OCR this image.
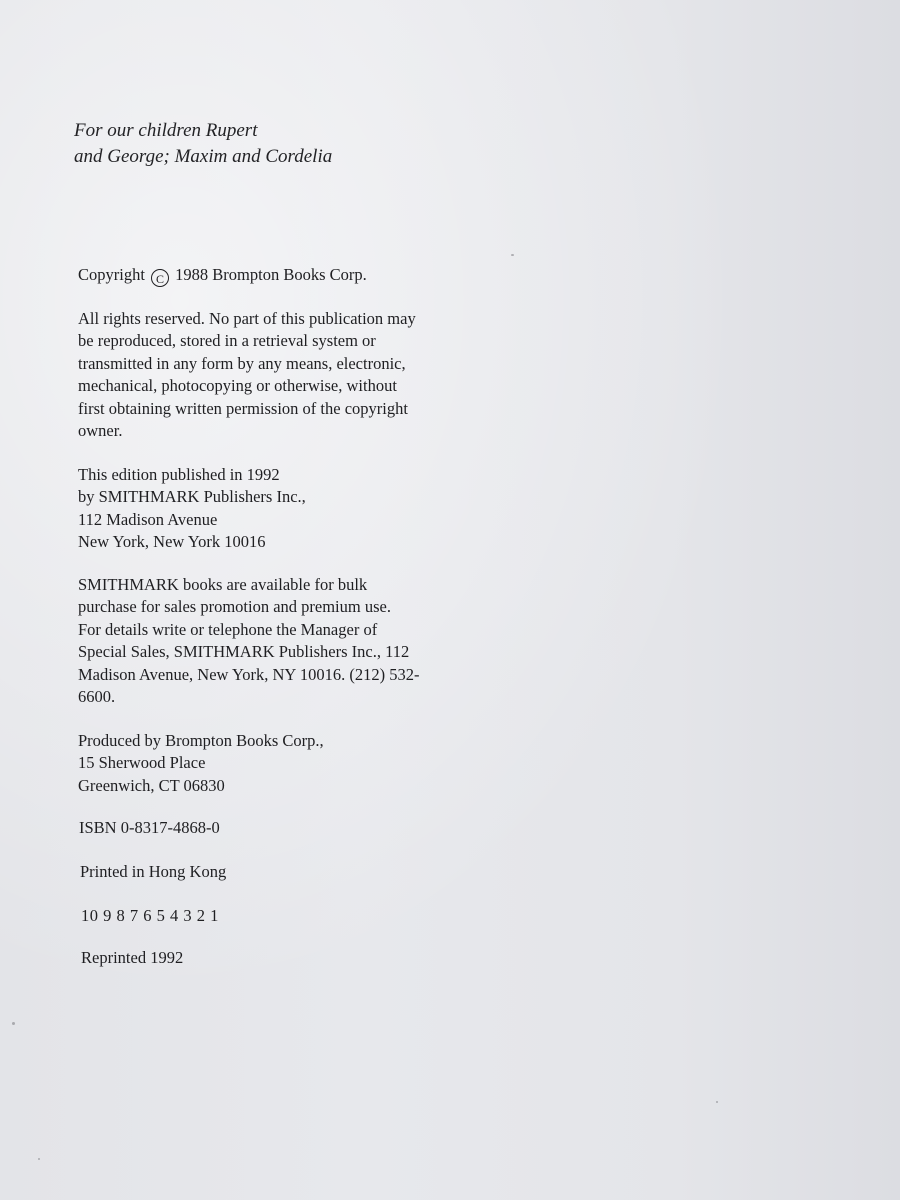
For our children Rupert
and George; Maxim and Cordelia
Copyright C 1988 Brompton Books Corp.
All rights reserved. No part of this publication may
be reproduced, stored in a retrieval system or
transmitted in any form by any means, electronic,
mechanical, photocopying or otherwise, without
first obtaining written permission of the copyright
owner.
This edition published in 1992
by SMITHMARK Publishers Inc.,
112 Madison Avenue
New York, New York 10016
SMITHMARK books are available for bulk
purchase for sales promotion and premium use.
For details write or telephone the Manager of
Special Sales, SMITHMARK Publishers Inc., 112
Madison Avenue, New York, NY 10016. (212) 532-
6600.
Produced by Brompton Books Corp.,
15 Sherwood Place
Greenwich, CT 06830
ISBN 0-8317-4868-0
Printed in Hong Kong
10 9 8 7 6 5 4 3 2 1
Reprinted 1992
